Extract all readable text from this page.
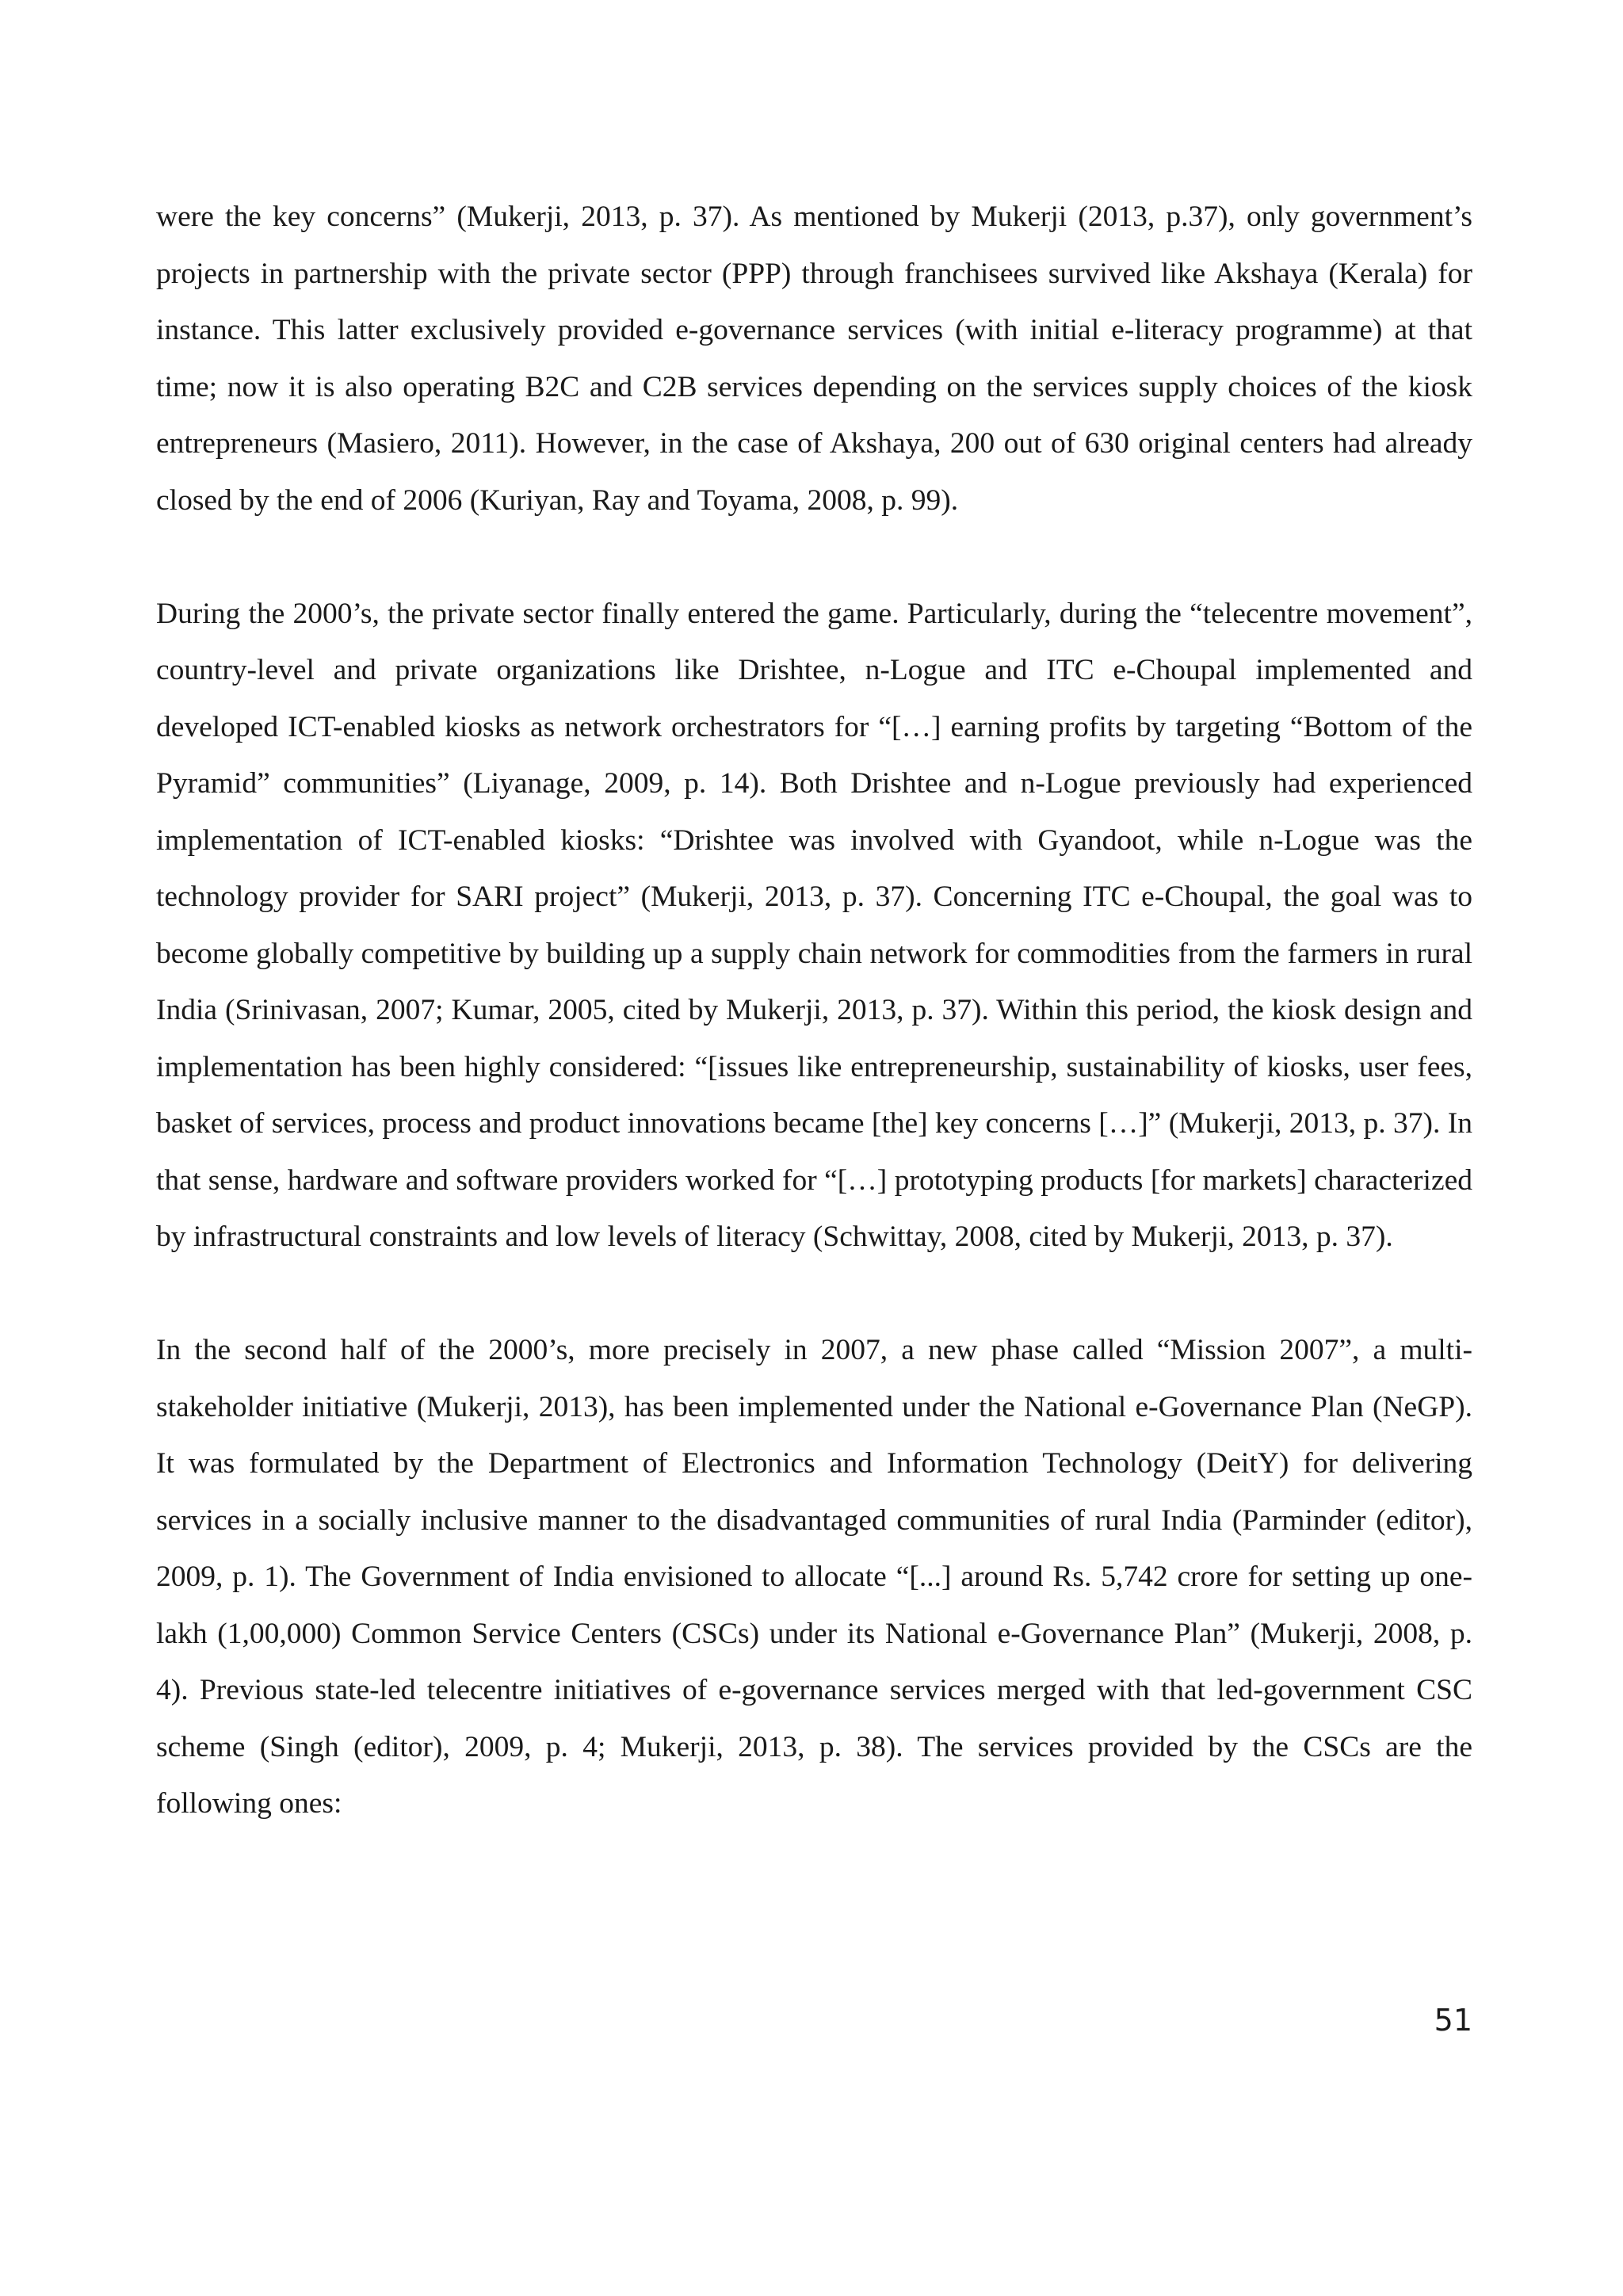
were the key concerns” (Mukerji, 2013, p. 37). As mentioned by Mukerji (2013, p.37), only government’s projects in partnership with the private sector (PPP) through franchisees survived like Akshaya (Kerala) for instance. This latter exclusively provided e-governance services (with initial e-literacy programme) at that time; now it is also operating B2C and C2B services depending on the services supply choices of the kiosk entrepreneurs (Masiero, 2011). However, in the case of Akshaya, 200 out of 630 original centers had already closed by the end of 2006 (Kuriyan, Ray and Toyama, 2008, p. 99).

During the 2000’s, the private sector finally entered the game. Particularly, during the “telecentre movement”, country-level and private organizations like Drishtee, n-Logue and ITC e-Choupal implemented and developed ICT-enabled kiosks as network orchestrators for “[…] earning profits by targeting “Bottom of the Pyramid” communities” (Liyanage, 2009, p. 14). Both Drishtee and n-Logue previously had experienced implementation of ICT-enabled kiosks: “Drishtee was involved with Gyandoot, while n-Logue was the technology provider for SARI project” (Mukerji, 2013, p. 37). Concerning ITC e-Choupal, the goal was to become globally competitive by building up a supply chain network for commodities from the farmers in rural India (Srinivasan, 2007; Kumar, 2005, cited by Mukerji, 2013, p. 37). Within this period, the kiosk design and implementation has been highly considered: “[issues like entrepreneurship, sustainability of kiosks, user fees, basket of services, process and product innovations became [the] key concerns […]” (Mukerji, 2013, p. 37). In that sense, hardware and software providers worked for “[…] prototyping products [for markets] characterized by infrastructural constraints and low levels of literacy (Schwittay, 2008, cited by Mukerji, 2013, p. 37).

In the second half of the 2000’s, more precisely in 2007, a new phase called “Mission 2007”, a multi-stakeholder initiative (Mukerji, 2013), has been implemented under the National e-Governance Plan (NeGP). It was formulated by the Department of Electronics and Information Technology (DeitY) for delivering services in a socially inclusive manner to the disadvantaged communities of rural India (Parminder (editor), 2009, p. 1). The Government of India envisioned to allocate “[...] around Rs. 5,742 crore for setting up one-lakh (1,00,000) Common Service Centers (CSCs) under its National e-Governance Plan” (Mukerji, 2008, p. 4). Previous state-led telecentre initiatives of e-governance services merged with that led-government CSC scheme (Singh (editor), 2009, p. 4; Mukerji, 2013, p. 38). The services provided by the CSCs are the following ones:

51
